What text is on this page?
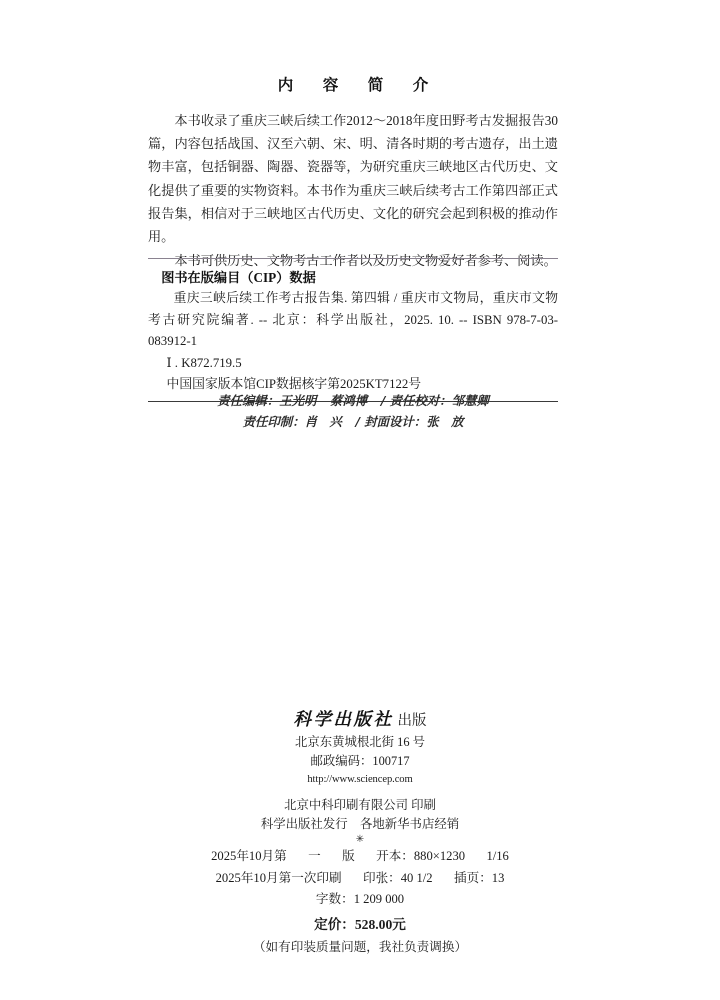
内　容　简　介

本书收录了重庆三峡后续工作2012～2018年度田野考古发掘报告30篇，内容包括战国、汉至六朝、宋、明、清各时期的考古遗存，出土遗物丰富，包括铜器、陶器、瓷器等，为研究重庆三峡地区古代历史、文化提供了重要的实物资料。本书作为重庆三峡后续考古工作第四部正式报告集，相信对于三峡地区古代历史、文化的研究会起到积极的推动作用。

本书可供历史、文物考古工作者以及历史文物爱好者参考、阅读。

图书在版编目（CIP）数据
重庆三峡后续工作考古报告集. 第四辑 / 重庆市文物局，重庆市文物考古研究院编著. -- 北京：科学出版社，2025. 10. -- ISBN 978-7-03-083912-1
Ⅰ . K872.719.5
中国国家版本馆CIP数据核字第2025KT7122号
责任编辑：王光明 蔡鸿博 / 责任校对：邹慧卿
责任印制：肖　兴 / 封面设计：张　放
科学出版社 出版
北京东黄城根北街 16 号
邮政编码：100717
http://www.sciencep.com
北京中科印刷有限公司 印刷
科学出版社发行　各地新华书店经销
✳
2025年10月第 一 版 开本：880×1230 1/16
2025年10月第一次印刷 印张：40 1/2 插页：13
字数：1 209 000
定价：528.00元
（如有印装质量问题，我社负责调换）
